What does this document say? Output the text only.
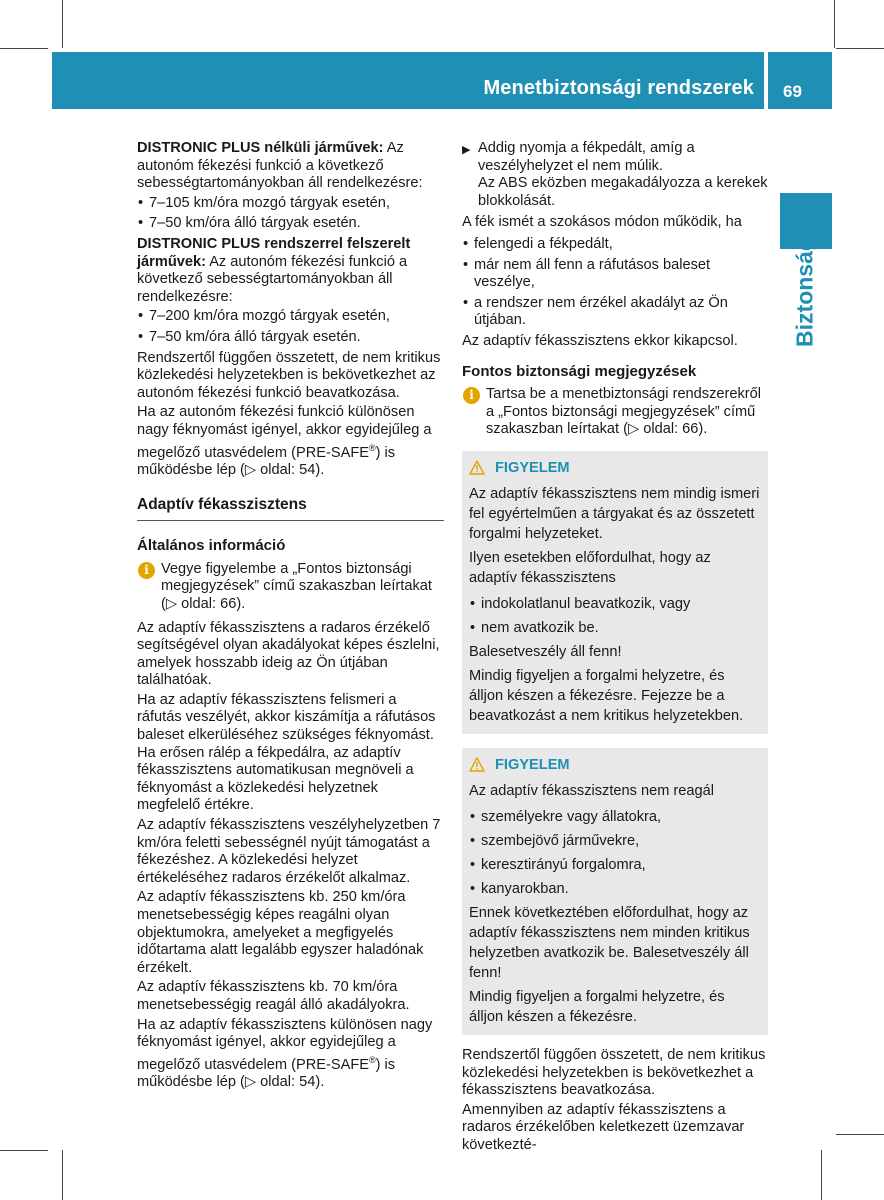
Menetbiztonsági rendszerek 69
Biztonság

DISTRONIC PLUS nélküli járművek: Az autonóm fékezési funkció a következő sebességtartományokban áll rendelkezésre:

• 7–105 km/óra mozgó tárgyak esetén,
• 7–50 km/óra álló tárgyak esetén.

DISTRONIC PLUS rendszerrel felszerelt járművek: Az autonóm fékezési funkció a következő sebességtartományokban áll rendelkezésre:

• 7–200 km/óra mozgó tárgyak esetén,
• 7–50 km/óra álló tárgyak esetén.

Rendszertől függően összetett, de nem kritikus közlekedési helyzetekben is bekövetkezhet az autonóm fékezési funkció beavatkozása.

Ha az autonóm fékezési funkció különösen nagy féknyomást igényel, akkor egyidejűleg a megelőző utasvédelem (PRE-SAFE®) is működésbe lép (▷ oldal: 54).

Adaptív fékasszisztens
Általános információ
i Vegye figyelembe a „Fontos biztonsági megjegyzések” című szakaszban leírtakat (▷ oldal: 66).

Az adaptív fékasszisztens a radaros érzékelő segítségével olyan akadályokat képes észlelni, amelyek hosszabb ideig az Ön útjában találhatóak.

Ha az adaptív fékasszisztens felismeri a ráfutás veszélyét, akkor kiszámítja a ráfutásos baleset elkerüléséhez szükséges féknyomást. Ha erősen rálép a fékpedálra, az adaptív fékasszisztens automatikusan megnöveli a féknyomást a közlekedési helyzetnek megfelelő értékre.

Az adaptív fékasszisztens veszélyhelyzetben 7 km/óra feletti sebességnél nyújt támogatást a fékezéshez. A közlekedési helyzet értékeléséhez radaros érzékelőt alkalmaz.

Az adaptív fékasszisztens kb. 250 km/óra menetsebességig képes reagálni olyan objektumokra, amelyeket a megfigyelés időtartama alatt legalább egyszer haladónak érzékelt.

Az adaptív fékasszisztens kb. 70 km/óra menetsebességig reagál álló akadályokra.

Ha az adaptív fékasszisztens különösen nagy féknyomást igényel, akkor egyidejűleg a megelőző utasvédelem (PRE-SAFE®) is működésbe lép (▷ oldal: 54).

▶ Addig nyomja a fékpedált, amíg a veszélyhelyzet el nem múlik.

Az ABS eközben megakadályozza a kerekek blokkolását.

A fék ismét a szokásos módon működik, ha

• felengedi a fékpedált,
• már nem áll fenn a ráfutásos baleset veszélye,
• a rendszer nem érzékel akadályt az Ön útjában.

Az adaptív fékasszisztens ekkor kikapcsol.

Fontos biztonsági megjegyzések
i Tartsa be a menetbiztonsági rendszerekről a „Fontos biztonsági megjegyzések” című szakaszban leírtakat (▷ oldal: 66).
FIGYELEM

Az adaptív fékasszisztens nem mindig ismeri fel egyértelműen a tárgyakat és az összetett forgalmi helyzeteket.

Ilyen esetekben előfordulhat, hogy az adaptív fékasszisztens

• indokolatlanul beavatkozik, vagy
• nem avatkozik be.

Balesetveszély áll fenn!

Mindig figyeljen a forgalmi helyzetre, és álljon készen a fékezésre. Fejezze be a beavatkozást a nem kritikus helyzetekben.

FIGYELEM

Az adaptív fékasszisztens nem reagál

• személyekre vagy állatokra,
• szembejövő járművekre,
• keresztirányú forgalomra,
• kanyarokban.

Ennek következtében előfordulhat, hogy az adaptív fékasszisztens nem minden kritikus helyzetben avatkozik be. Balesetveszély áll fenn!

Mindig figyeljen a forgalmi helyzetre, és álljon készen a fékezésre.

Rendszertől függően összetett, de nem kritikus közlekedési helyzetekben is bekövetkezhet a fékasszisztens beavatkozása.

Amennyiben az adaptív fékasszisztens a radaros érzékelőben keletkezett üzemzavar következté-
